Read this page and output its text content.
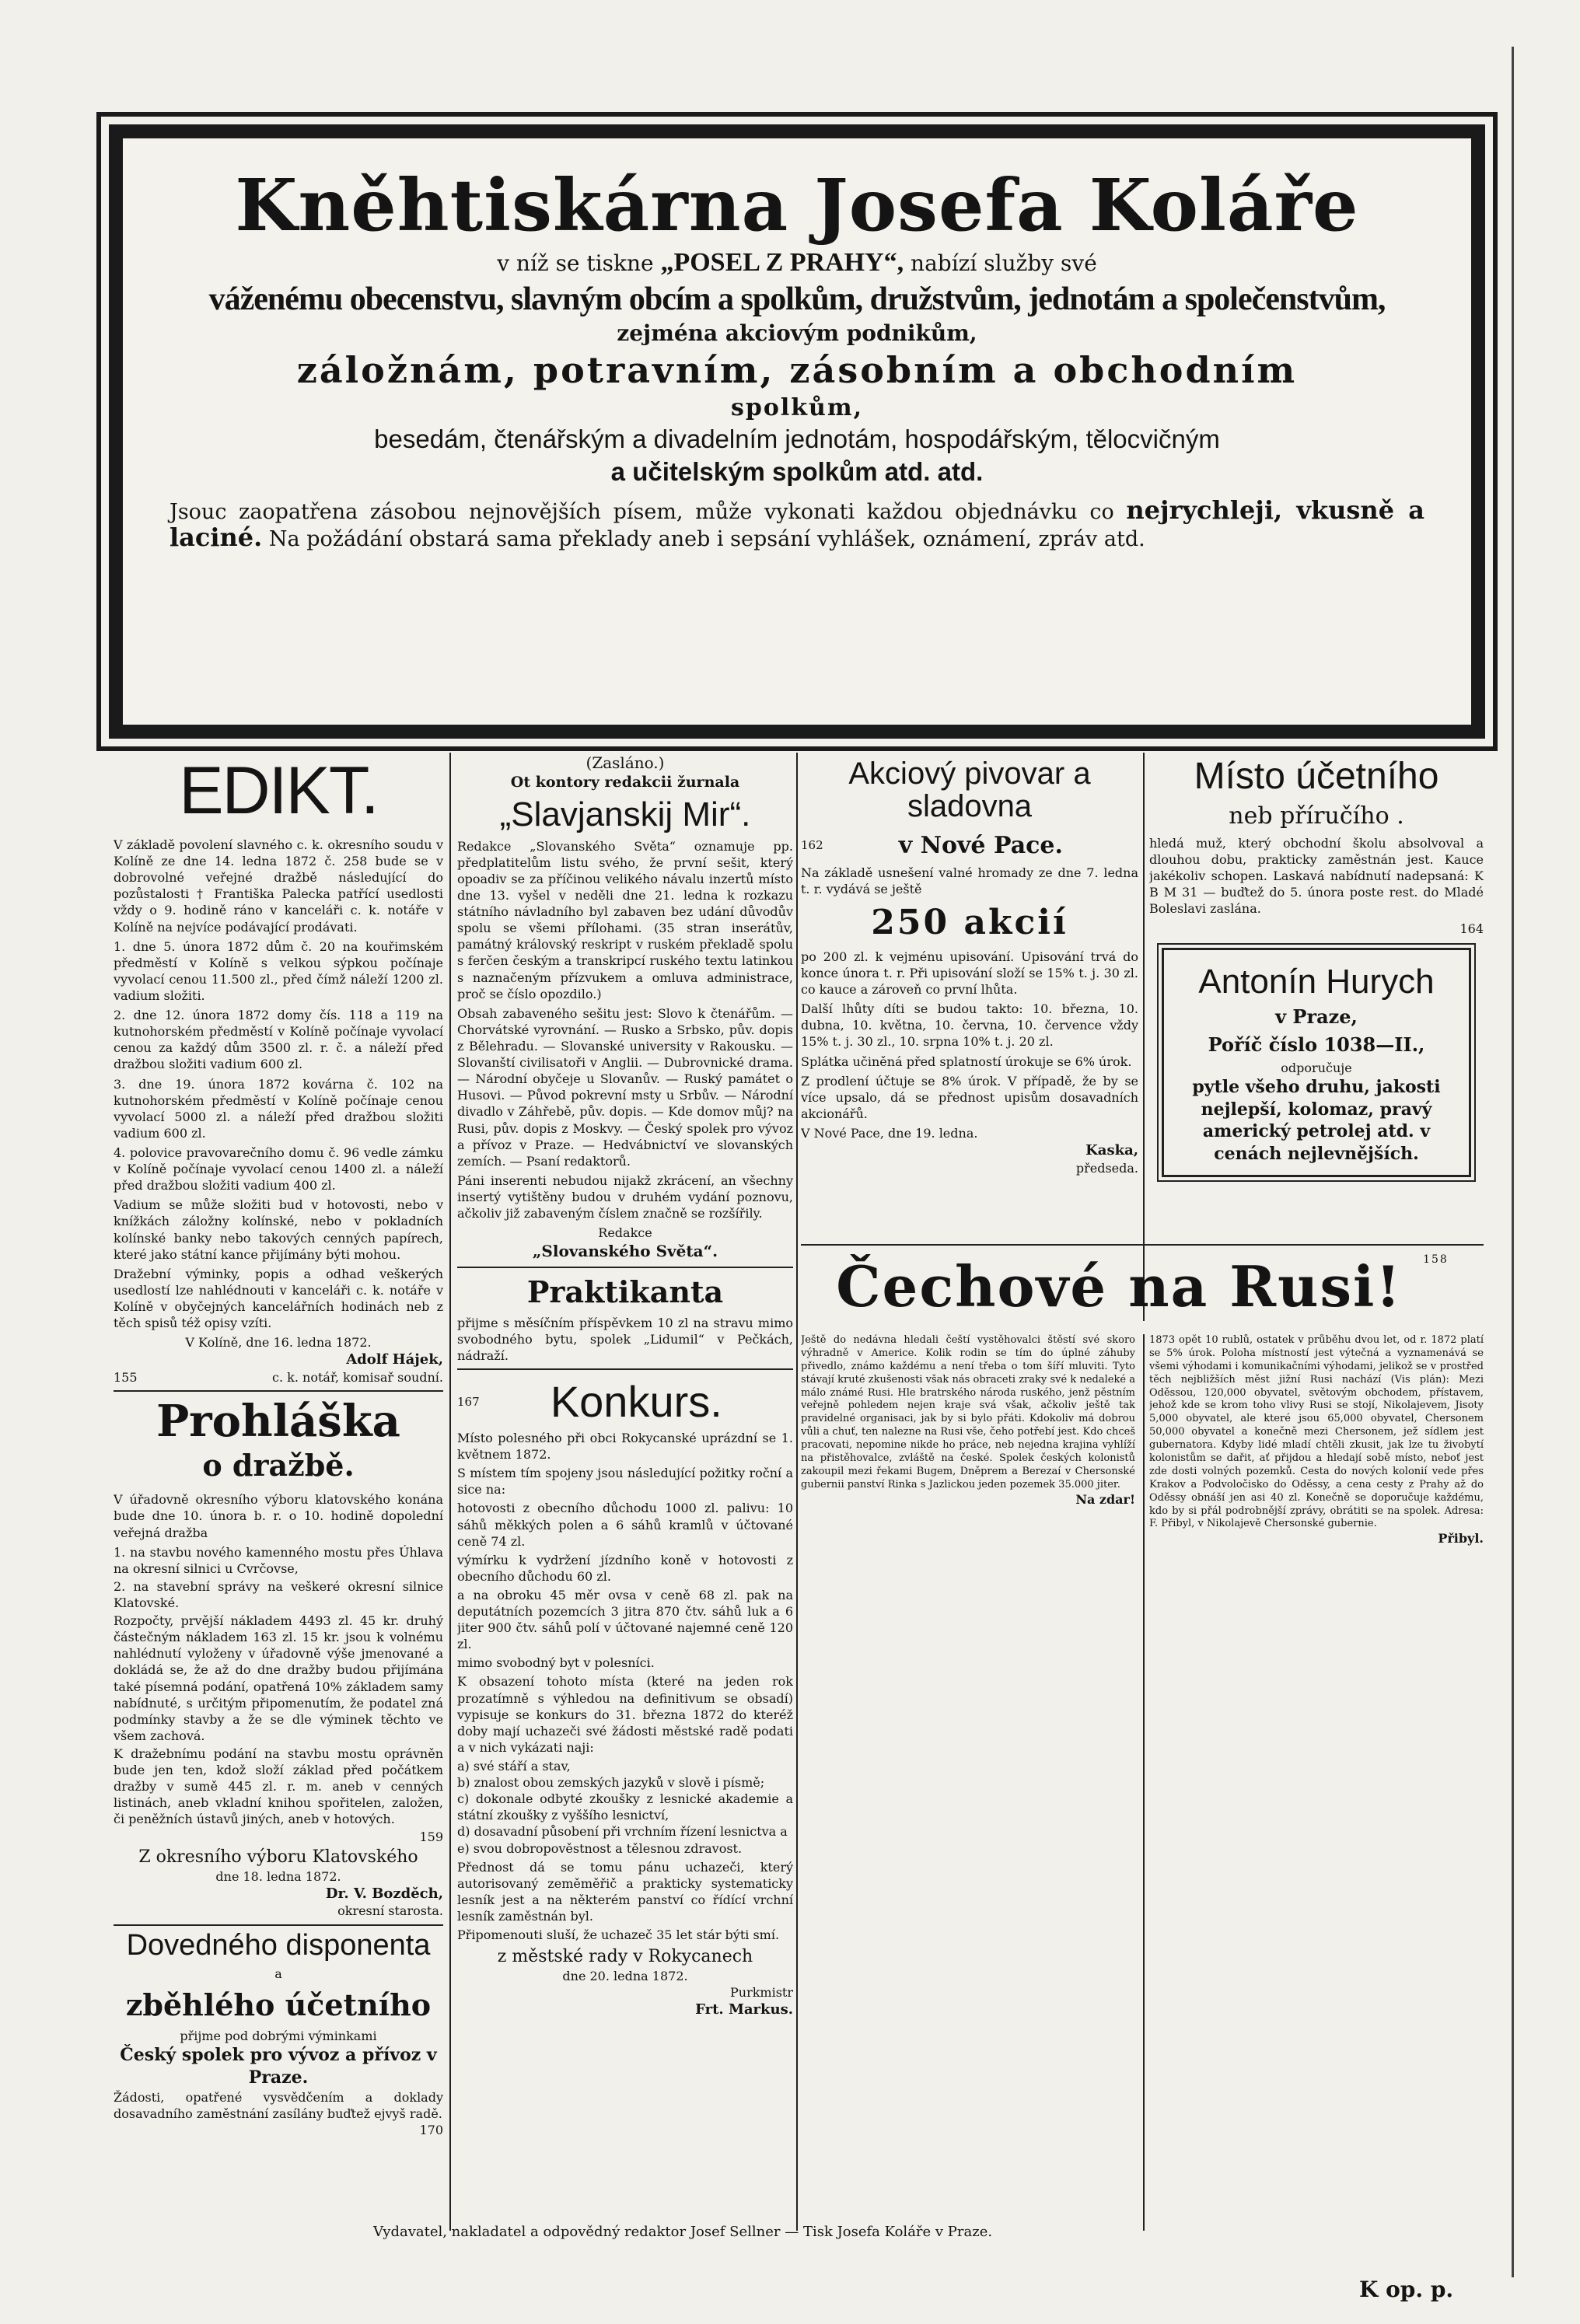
Kněhtiskárna Josefa Koláře
v níž se tiskne „POSEL Z PRAHY“, nabízí služby své
váženému obecenstvu, slavným obcím a spolkům, družstvům, jednotám a společenstvům,
zejména akciovým podnikům,
záložnám, potravním, zásobním a obchodním
spolkům,
besedám, čtenářským a divadelním jednotám, hospodářským, tělocvičným
a učitelským spolkům atd. atd.
Jsouc zaopatřena zásobou nejnovějších písem, může vykonati každou objednávku co nejrychleji, vkusně a laciné. Na požádání obstará sama překlady aneb i sepsání vyhlášek, oznámení, zpráv atd.
EDIKT.

V základě povolení slavného c. k. okresního soudu v Kolíně ze dne 14. ledna 1872 č. 258 bude se v dobrovolné veřejné dražbě následující do pozůstalosti † Františka Palecka patřící usedlosti vždy o 9. hodině ráno v kanceláři c. k. notáře v Kolíně na nejvíce podávající prodávati.

1. dne 5. února 1872 dům č. 20 na kouřimském předměstí v Kolíně s velkou sýpkou počínaje vyvolací cenou 11.500 zl., před čímž náleží 1200 zl. vadium složiti.

2. dne 12. února 1872 domy čís. 118 a 119 na kutnohorském předměstí v Kolíně počínaje vyvolací cenou za každý dům 3500 zl. r. č. a náleží před dražbou složiti vadium 600 zl.

3. dne 19. února 1872 kovárna č. 102 na kutnohorském předměstí v Kolíně počínaje cenou vyvolací 5000 zl. a náleží před dražbou složiti vadium 600 zl.

4. polovice pravovarečního domu č. 96 vedle zámku v Kolíně počínaje vyvolací cenou 1400 zl. a náleží před dražbou složiti vadium 400 zl.

Vadium se může složiti bud v hotovosti, nebo v knížkách záložny kolínské, nebo v pokladních kolínské banky nebo takových cenných papírech, které jako státní kance přijímány býti mohou.

Dražební výminky, popis a odhad veškerých usedlostí lze nahlédnouti v kanceláři c. k. notáře v Kolíně v obyčejných kancelářních hodinách neb z těch spisů též opisy vzíti.

V Kolíně, dne 16. ledna 1872.
Adolf Hájek,
155	c. k. notář, komisař soudní.
Prohláška
o dražbě.

V úřadovně okresního výboru klatovského konána bude dne 10. února b. r. o 10. hodině dopolední veřejná dražba

1. na stavbu nového kamenného mostu přes Úhlava na okresní silnici u Cvrčovse,

2. na stavební správy na veškeré okresní silnice Klatovské.

Rozpočty, prvější nákladem 4493 zl. 45 kr. druhý částečným nákladem 163 zl. 15 kr. jsou k volnému nahlédnutí vyloženy v úřadovně výše jmenované a dokládá se, že až do dne dražby budou přijímána také písemná podání, opatřená 10% základem samy nabídnuté, s určitým připomenutím, že podatel zná podmínky stavby a že se dle výminek těchto ve všem zachová.

K dražebnímu podání na stavbu mostu oprávněn bude jen ten, kdož složí základ před počátkem dražby v sumě 445 zl. r. m. aneb v cenných listinách, aneb vkladní knihou spořitelen, založen, či peněžních ústavů jiných, aneb v hotových.

159
Z okresního výboru Klatovského
dne 18. ledna 1872.
Dr. V. Bozděch,
okresní starosta.
Dovedného disponenta
a
zběhlého účetního
přijme pod dobrými výminkami
Český spolek pro vývoz a přívoz v Praze.

Žádosti, opatřené vysvědčením a doklady dosavadního zaměstnání zasílány buďtež ejvyš radě.

170
(Zasláno.)
Ot kontory redakcii žurnala
„Slavjanskij Mir“.

Redakce „Slovanského Světa“ oznamuje pp. předplatitelům listu svého, že první sešit, který opoadiv se za příčinou velikého návalu inzertů místo dne 13. vyšel v neděli dne 21. ledna k rozkazu státního návladního byl zabaven bez udání důvodův spolu se všemi přílohami. (35 stran inserátův, památný královský reskript v ruském překladě spolu s ferčen českým a transkripcí ruského textu latinkou s naznačeným přízvukem a omluva administrace, proč se číslo opozdilo.)

Obsah zabaveného sešitu jest: Slovo k čtenářům. — Chorvátské vyrovnání. — Rusko a Srbsko, pův. dopis z Bělehradu. — Slovanské university v Rakousku. — Slovanští civilisatoři v Anglii. — Dubrovnické drama. — Národní obyčeje u Slovanův. — Ruský památet o Husovi. — Původ pokrevní msty u Srbův. — Národní divadlo v Záhřebě, pův. dopis. — Kde domov můj? na Rusi, pův. dopis z Moskvy. — Český spolek pro vývoz a přívoz v Praze. — Hedvábnictví ve slovanských zemích. — Psaní redaktorů.

Páni inserenti nebudou nijakž zkrácení, an všechny insertý vytištěny budou v druhém vydání poznovu, ačkoliv již zabaveným číslem značně se rozšířily.

Redakce
„Slovanského Světa“.
Praktikanta

přijme s měsíčním příspěvkem 10 zl na stravu mimo svobodného bytu, spolek „Lidumil“ v Pečkách, nádraží.

167	Konkurs.

Místo polesného při obci Rokycanské uprázdní se 1. květnem 1872.

S místem tím spojeny jsou následující požitky roční a sice na:

hotovosti z obecního důchodu 1000 zl. palivu: 10 sáhů měkkých polen a 6 sáhů kramlů v účtované ceně 74 zl.

výmírku k vydržení jízdního koně v hotovosti z obecního důchodu 60 zl.

a na obroku 45 měr ovsa v ceně 68 zl. pak na deputátních pozemcích 3 jitra 870 čtv. sáhů luk a 6 jiter 900 čtv. sáhů polí v účtované najemné ceně 120 zl.

mimo svobodný byt v polesníci.

K obsazení tohoto místa (které na jeden rok prozatímně s výhledou na definitivum se obsadí) vypisuje se konkurs do 31. března 1872 do kteréž doby mají uchazeči své žádosti městské radě podati a v nich vykázati naji:

a) své stáří a stav,
b) znalost obou zemských jazyků v slově i písmě;
c) dokonale odbyté zkoušky z lesnické akademie a státní zkoušky z vyššího lesnictví,
d) dosavadní působení při vrchním řízení lesnictva a
e) svou dobropověstnost a tělesnou zdravost.

Přednost dá se tomu pánu uchazeči, který autorisovaný zeměměřič a prakticky systematicky lesník jest a na některém panství co řídící vrchní lesník zaměstnán byl.

Připomenouti sluší, že uchazeč 35 let stár býti smí.

z městské rady v Rokycanech
dne 20. ledna 1872.
Purkmistr
Frt. Markus.
Akciový pivovar a sladovna
162	v Nové Pace.

Na základě usnešení valné hromady ze dne 7. ledna t. r. vydává se ještě

250 akcií

po 200 zl. k vejménu upisování. Upisování trvá do konce února t. r. Při upisování složí se 15% t. j. 30 zl. co kauce a zároveň co první lhůta.

Další lhůty díti se budou takto: 10. března, 10. dubna, 10. května, 10. června, 10. července vždy 15% t. j. 30 zl., 10. srpna 10% t. j. 20 zl.

Splátka učiněná před splatností úrokuje se 6% úrok.

Z prodlení účtuje se 8% úrok. V případě, že by se více upsalo, dá se přednost upisům dosavadních akcionářů.

V Nové Pace, dne 19. ledna.
Kaska,
předseda.
Místo účetního
neb příručího .

hledá muž, který obchodní školu absolvoval a dlouhou dobu, prakticky zaměstnán jest. Kauce jakékoliv schopen. Laskavá nabídnutí nadepsaná: K B M 31 — buďtež do 5. února poste rest. do Mladé Boleslavi zaslána.

164
Antonín Hurych
v Praze,
Poříč číslo 1038—II.,
odporučuje
pytle všeho druhu, jakosti nejlepší, kolomaz, pravý americký petrolej atd. v cenách nejlevnějších.
Čechové na Rusi! $^{158}$

Ještě do nedávna hledali čeští vystěhovalci štěstí své skoro výhradně v Americe. Kolik rodin se tím do úplné záhuby přivedlo, známo každému a není třeba o tom šíří mluviti. Tyto stávají kruté zkušenosti však nás obraceti zraky své k nedaleké a málo známé Rusi. Hle bratrského národa ruského, jenž pěstním veřejně pohledem nejen kraje svá však, ačkoliv ještě tak pravidelné organisaci, jak by si bylo přáti. Kdokoliv má dobrou vůli a chuť, ten nalezne na Rusi vše, čeho potřebí jest. Kdo chceš pracovati, nepomine nikde ho práce, neb nejedna krajina vyhlíží na přistěhovalce, zvláště na české. Spolek českých kolonistů zakoupil mezi řekami Bugem, Dněprem a Berezaí v Chersonské gubernii panství Rinka s Jazlickou jeden pozemek 35.000 jiter.

Na zdar!

1873 opět 10 rublů, ostatek v průběhu dvou let, od r. 1872 platí se 5% úrok. Poloha místností jest výtečná a vyznamenává se všemi výhodami i komunikačními výhodami, jelikož se v prostřed těch nejbližších měst jižní Rusi nachází (Vis plán): Mezi Oděssou, 120,000 obyvatel, světovým obchodem, přístavem, jehož kde se krom toho vlivy Rusi se stojí, Nikolajevem, Jisoty 5,000 obyvatel, ale které jsou 65,000 obyvatel, Chersonem 50,000 obyvatel a konečně mezi Chersonem, jež sídlem jest gubernatora. Kdyby lidé mladí chtěli zkusit, jak lze tu živobytí kolonistům se dařit, ať přijdou a hledají sobě místo, neboť jest zde dosti volných pozemků. Cesta do nových kolonií vede přes Krakov a Podvoločisko do Oděssy, a cena cesty z Prahy až do Oděssy obnáší jen asi 40 zl. Konečně se doporučuje každému, kdo by si přál podrobnější zprávy, obrátiti se na spolek. Adresa: F. Přibyl, v Nikolajevě Chersonské gubernie.

Přibyl.
Vydavatel, nakladatel a odpovědný redaktor Josef Sellner — Tisk Josefa Koláře v Praze.
K op. p.
